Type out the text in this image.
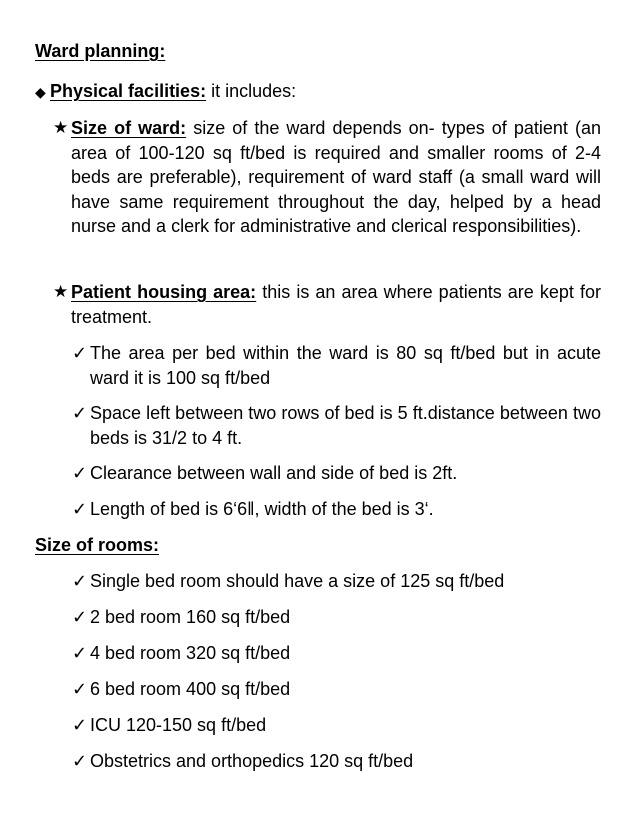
Ward planning:
◆ Physical facilities: it includes:
★ Size of ward: size of the ward depends on- types of patient (an area of 100-120 sq ft/bed is required and smaller rooms of 2-4 beds are preferable), requirement of ward staff (a small ward will have same requirement throughout the day, helped by a head nurse and a clerk for administrative and clerical responsibilities).
★ Patient housing area: this is an area where patients are kept for treatment.
✓ The area per bed within the ward is 80 sq ft/bed but in acute ward it is 100 sq ft/bed
✓ Space left between two rows of bed is 5 ft.distance between two beds is 31/2 to 4 ft.
✓ Clearance between wall and side of bed is 2ft.
✓ Length of bed is 6‘6‖, width of the bed is 3‘.
Size of rooms:
✓ Single bed room should have a size of 125 sq ft/bed
✓ 2 bed room 160 sq ft/bed
✓ 4 bed room 320 sq ft/bed
✓ 6 bed room 400 sq ft/bed
✓ ICU 120-150 sq ft/bed
✓ Obstetrics and orthopedics 120 sq ft/bed
